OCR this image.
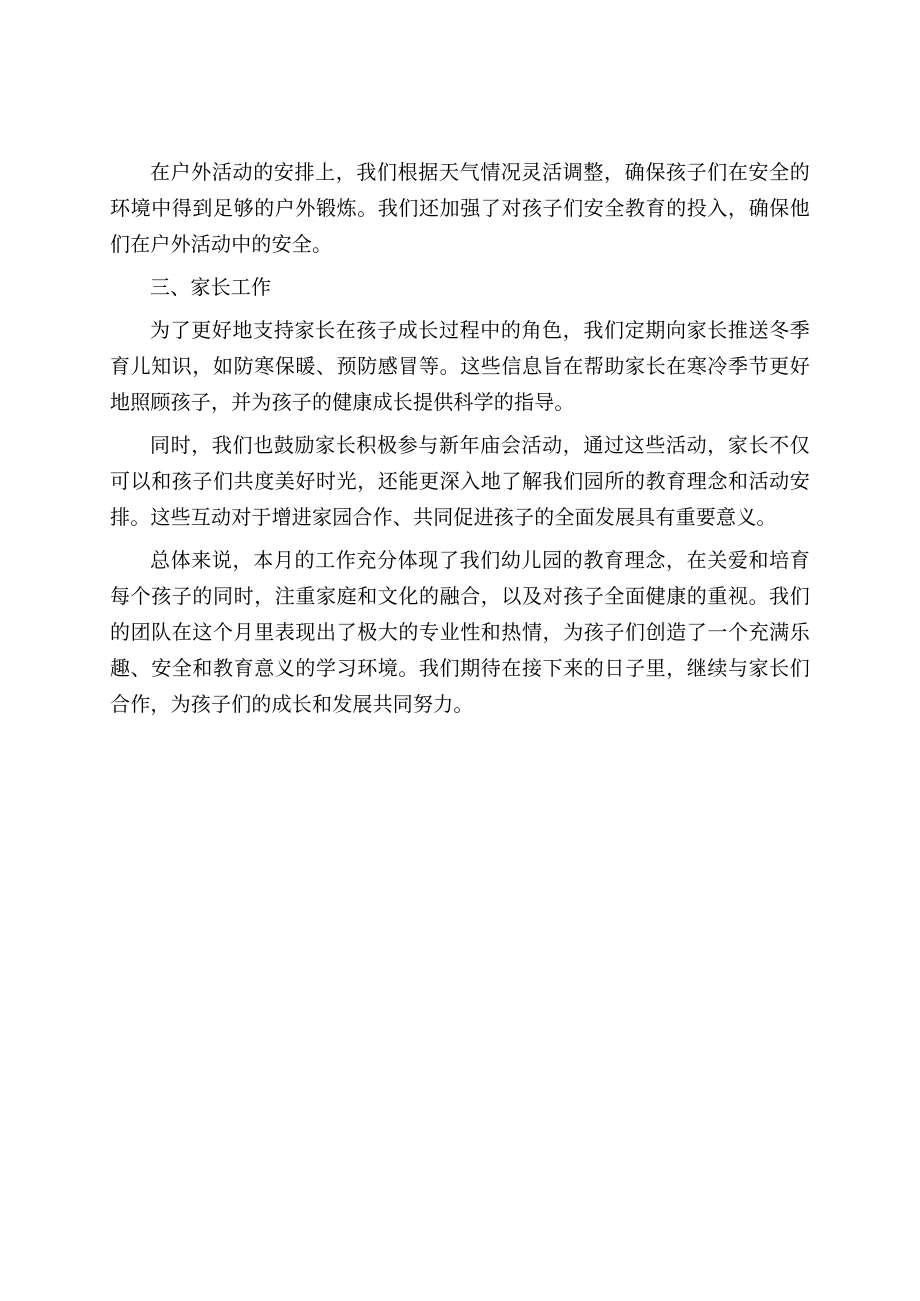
在户外活动的安排上，我们根据天气情况灵活调整，确保孩子们在安全的环境中得到足够的户外锻炼。我们还加强了对孩子们安全教育的投入，确保他们在户外活动中的安全。

三、家长工作

为了更好地支持家长在孩子成长过程中的角色，我们定期向家长推送冬季育儿知识，如防寒保暖、预防感冒等。这些信息旨在帮助家长在寒冷季节更好地照顾孩子，并为孩子的健康成长提供科学的指导。

同时，我们也鼓励家长积极参与新年庙会活动，通过这些活动，家长不仅可以和孩子们共度美好时光，还能更深入地了解我们园所的教育理念和活动安排。这些互动对于增进家园合作、共同促进孩子的全面发展具有重要意义。

总体来说，本月的工作充分体现了我们幼儿园的教育理念，在关爱和培育每个孩子的同时，注重家庭和文化的融合，以及对孩子全面健康的重视。我们的团队在这个月里表现出了极大的专业性和热情，为孩子们创造了一个充满乐趣、安全和教育意义的学习环境。我们期待在接下来的日子里，继续与家长们合作，为孩子们的成长和发展共同努力。
